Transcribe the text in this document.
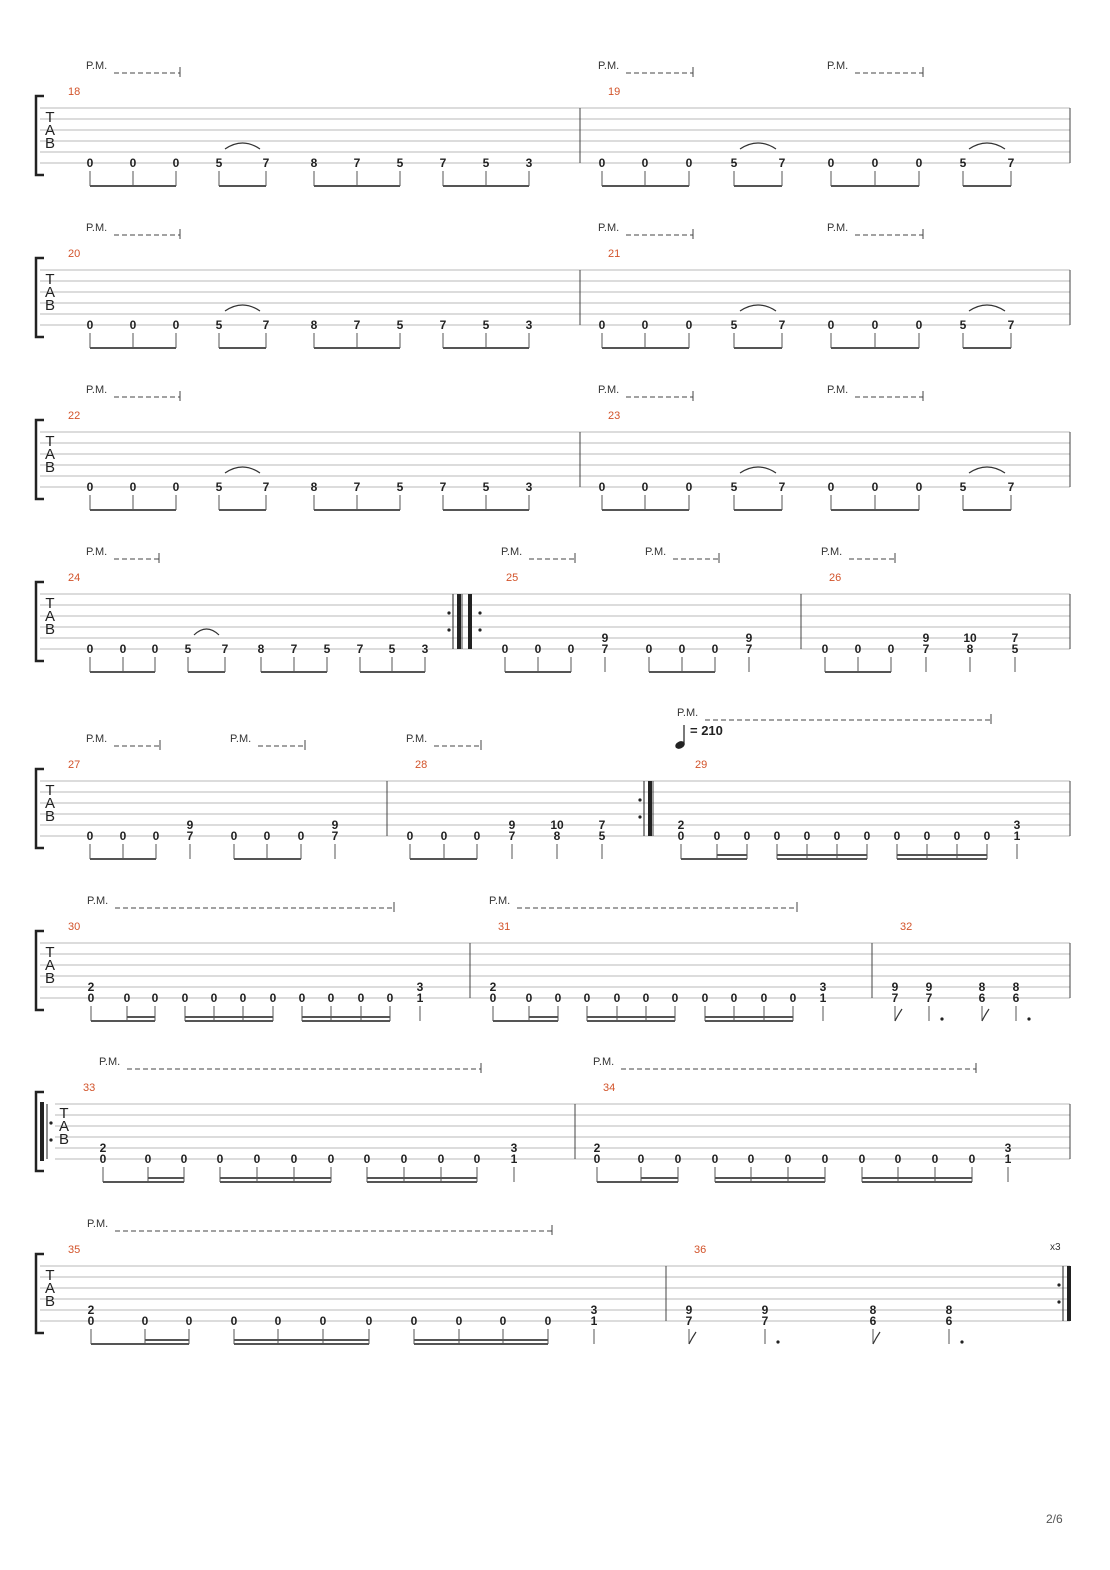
T
A
B
18
P.M.
0	0	0	5	7	8	7	5	7	5	3
19
P.M.	P.M.
0	0	0	5	7	0	0	0	5	7
T
A
B
20
P.M.
0	0	0	5	7	8	7	5	7	5	3
21
P.M.	P.M.
0	0	0	5	7	0	0	0	5	7
T
A
B
22
P.M.
0	0	0	5	7	8	7	5	7	5	3
23
P.M.	P.M.
0	0	0	5	7	0	0	0	5	7
T
A
B
24
P.M.
0 0 0 5	7 8 7 5 7 5 3
25
P.M.	P.M.
0 0 0
9
7	0 0 0
9
7
26
P.M.
0 0 0
9
7
10
8
7
5
T
A
B
27
P.M.	P.M.
0 0 0
9
7	0 0 0
9
7
28
P.M.
0 0 0
9
7
10
8
7
5
29
= 210
P.M.
2
0 0 0 0 0 0 0 0 0 0 0
3
1
T
A
B
30
P.M.
2
0 0 0 0 0 0 0 0 0 0 0
3
1
31
P.M.
2
0 0 0 0 0 0 0 0 0 0 0
3
1
32
9
7
9
7
8
6
8
6
T
A
B
33
P.M.
2
0	0 0 0	0	0	0 0	0	0 0
3
1
34
P.M.
2
0	0	0	0 0	0	0	0 0	0	0
3
1
T
A
B
35
P.M.
2
0	0	0	0	0	0	0	0	0	0	0
3
1
36	x3
9
7
9
7
8
6
8
6
2/6
